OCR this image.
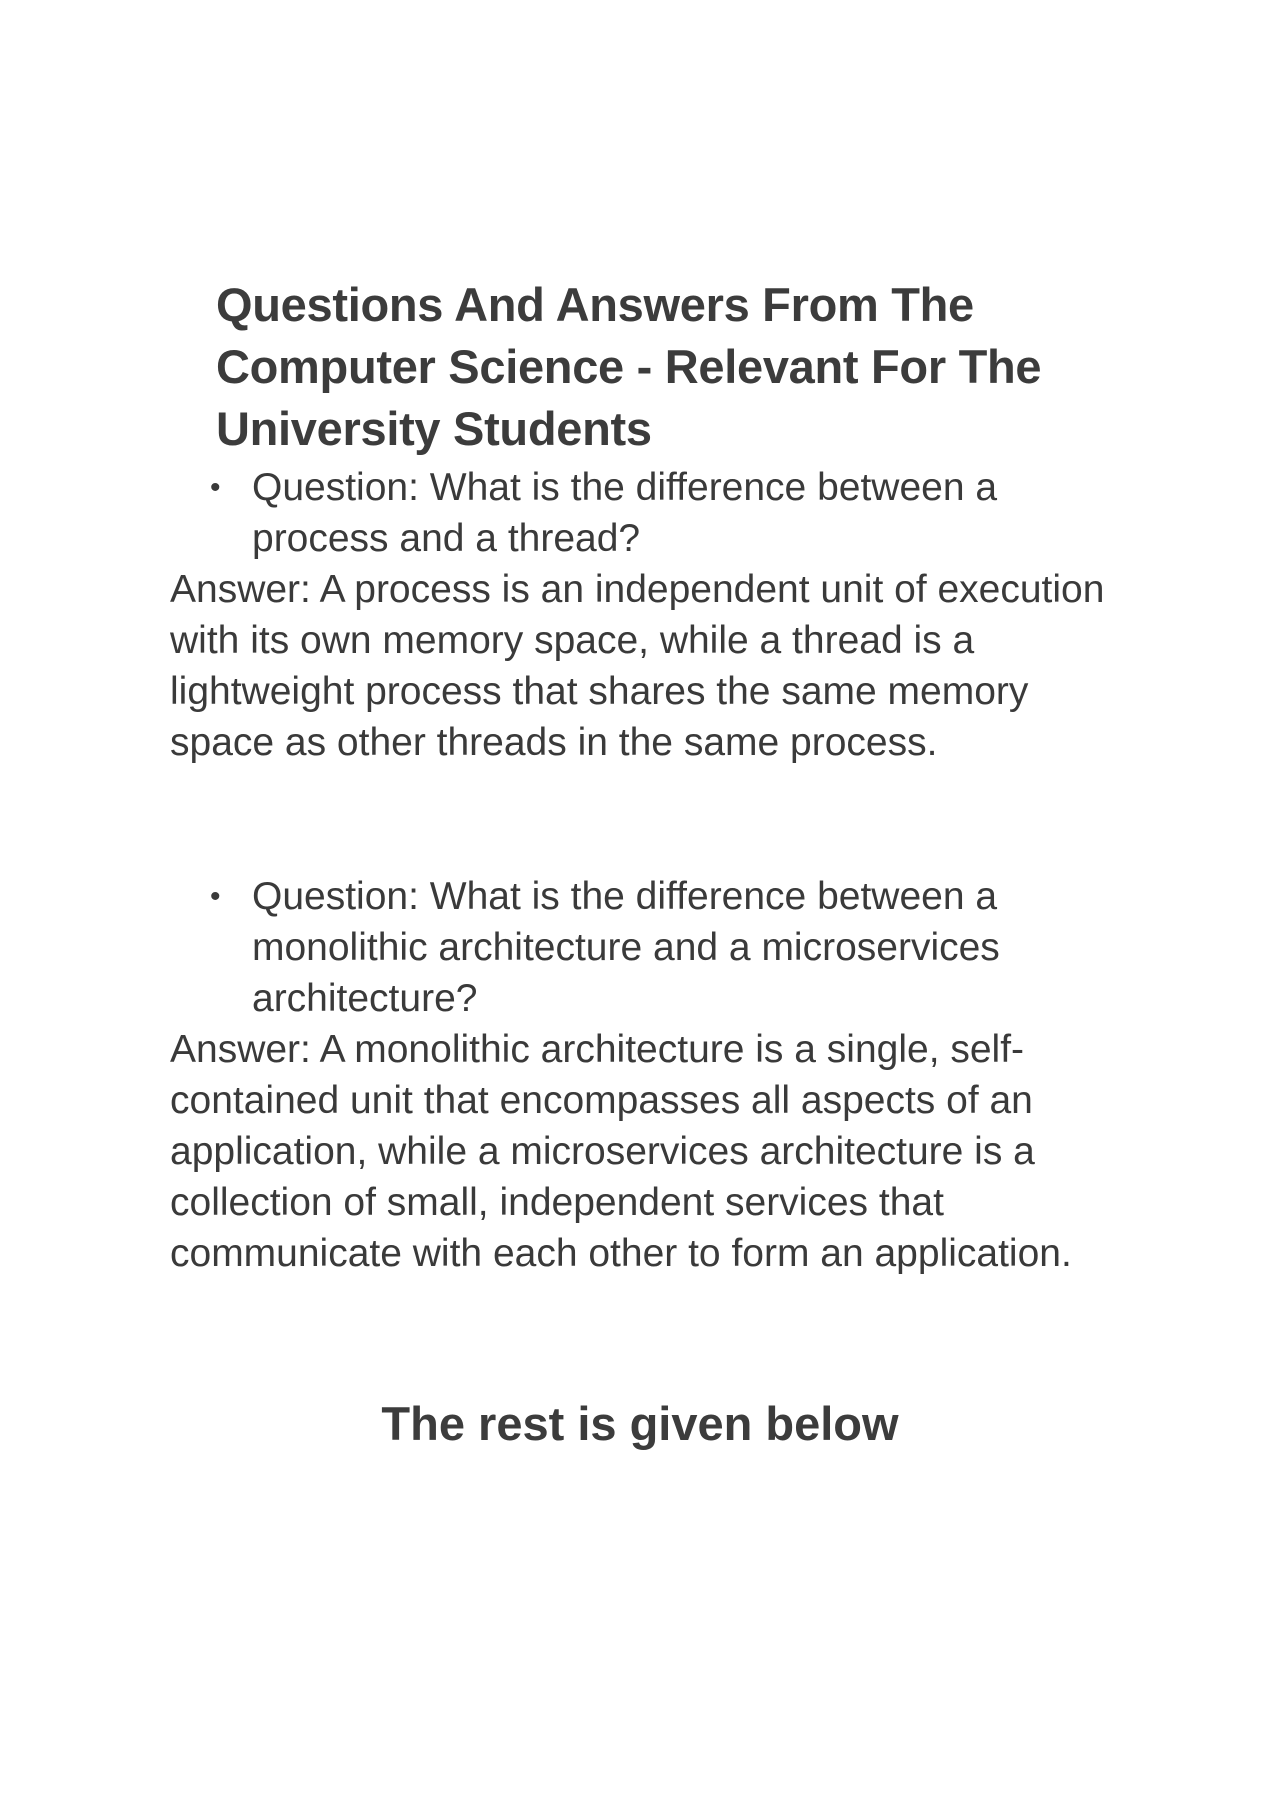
Questions And Answers From The Computer Science - Relevant For The University Students
• Question: What is the difference between a process and a thread?

Answer: A process is an independent unit of execution with its own memory space, while a thread is a lightweight process that shares the same memory space as other threads in the same process.

• Question: What is the difference between a monolithic architecture and a microservices architecture?

Answer: A monolithic architecture is a single, self-contained unit that encompasses all aspects of an application, while a microservices architecture is a collection of small, independent services that communicate with each other to form an application.

The rest is given below
